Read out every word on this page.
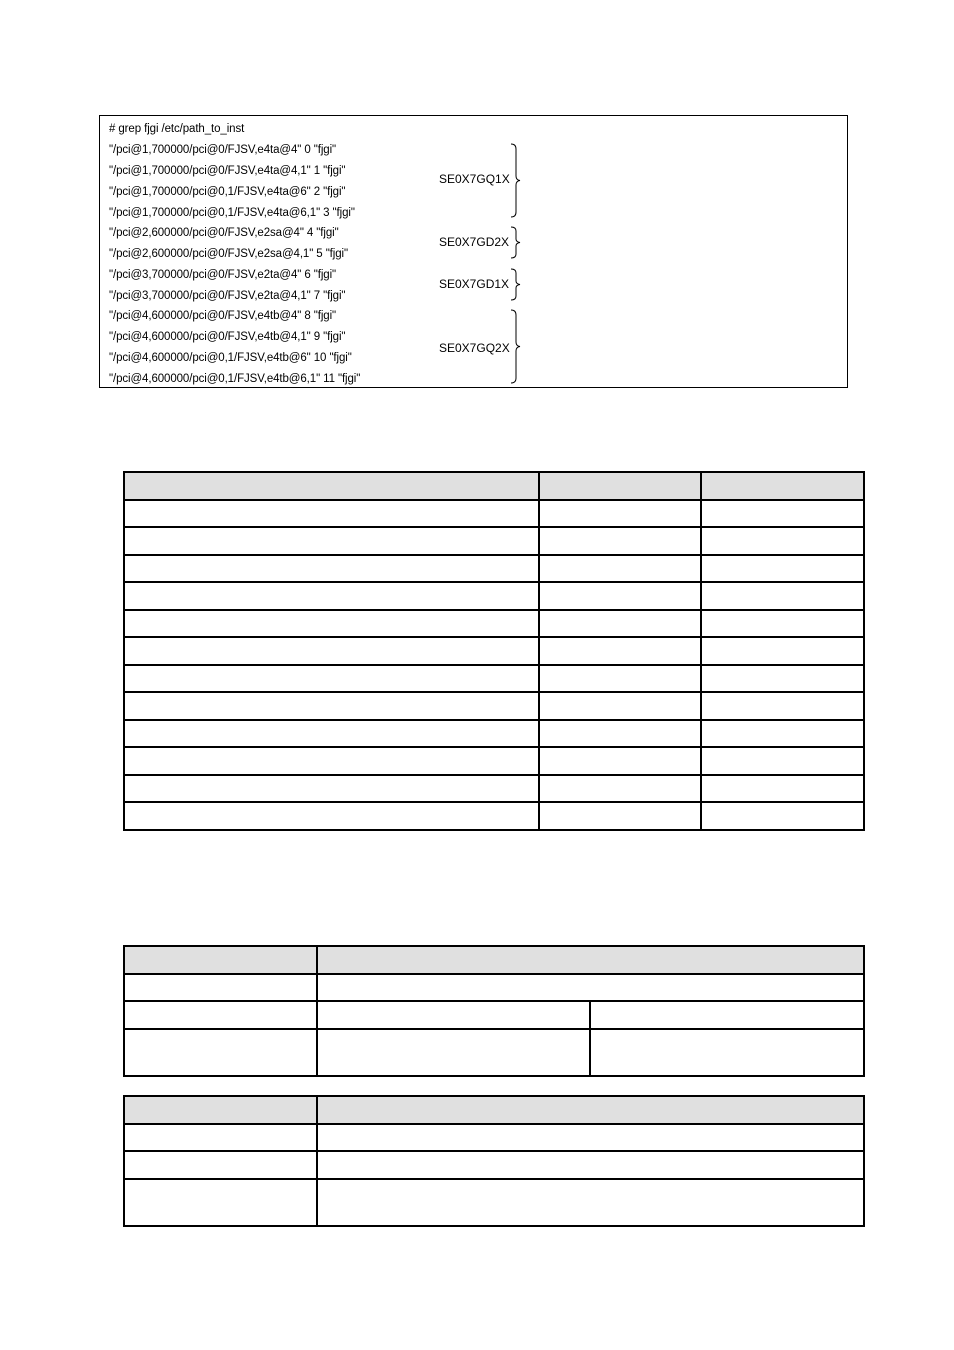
# grep fjgi /etc/path_to_inst
"/pci@1,700000/pci@0/FJSV,e4ta@4" 0 "fjgi"
"/pci@1,700000/pci@0/FJSV,e4ta@4,1" 1 "fjgi"
"/pci@1,700000/pci@0,1/FJSV,e4ta@6" 2 "fjgi"
"/pci@1,700000/pci@0,1/FJSV,e4ta@6,1" 3 "fjgi"
"/pci@2,600000/pci@0/FJSV,e2sa@4" 4 "fjgi"
"/pci@2,600000/pci@0/FJSV,e2sa@4,1" 5 "fjgi"
"/pci@3,700000/pci@0/FJSV,e2ta@4" 6 "fjgi"
"/pci@3,700000/pci@0/FJSV,e2ta@4,1" 7 "fjgi"
"/pci@4,600000/pci@0/FJSV,e4tb@4" 8 "fjgi"
"/pci@4,600000/pci@0/FJSV,e4tb@4,1" 9 "fjgi"
"/pci@4,600000/pci@0,1/FJSV,e4tb@6" 10 "fjgi"
"/pci@4,600000/pci@0,1/FJSV,e4tb@6,1" 11 "fjgi"
SE0X7GQ1X
SE0X7GD2X
SE0X7GD1X
SE0X7GQ2X
